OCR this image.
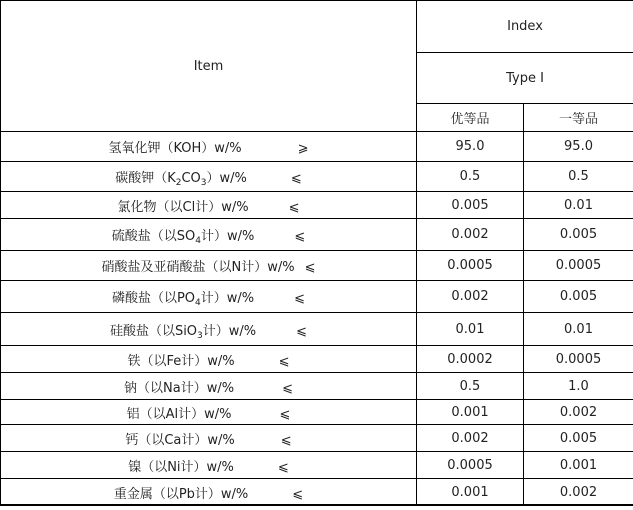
Item	Index	
	Type Ⅰ	
	优等品	一等品
氢氧化钾（KOH）w/% ⩾	95.0	95.0
碳酸钾$(K_2CO_3)w/\%$ ⩽	0.5	0.5
氯化物（以Cl计）w/% ⩽	0.005	0.01
硫酸盐（以$SO_4$计）w/% ⩽	0.002	0.005
硝酸盐及亚硝酸盐（以N计）w/% ⩽	0.0005	0.0005
磷酸盐（以$PO_4$计）w/% ⩽	0.002	0.005
硅酸盐（以SiO$_3$计）w/% ⩽	0.01	0.01
铁（以Fe计）w/% ⩽	0.0002	0.0005
钠（以Na计）w/% ⩽	0.5	1.0
铝（以Al计）w/% ⩽	0.001	0.002
钙（以Ca计）w/% ⩽	0.002	0.005
镍（以Ni计）w/% ⩽	0.0005	0.001
重金属（以Pb计）w/% ⩽	0.001	0.002
